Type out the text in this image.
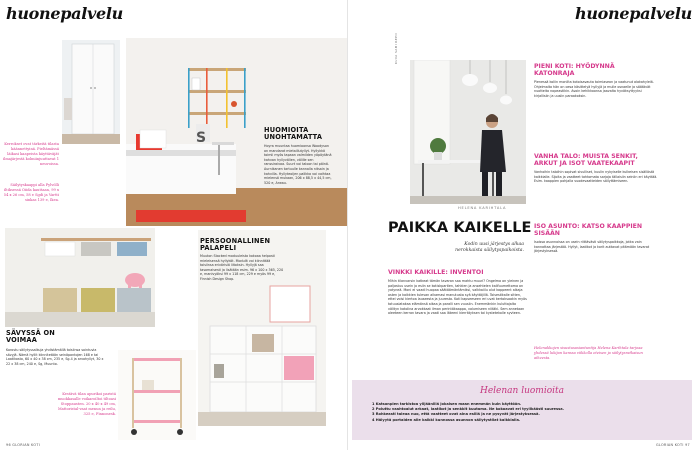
huonepalvelu
Kerrokset ovat tärkeitä tilasta käännettyinä. Pieltämässä läikasi kaapeista käyttäväjät ilmajärjestä kolmiinjuuttavat 1 neuvoissa.
Säilytyskaappi alla Pylvölli iltiksessä Oiida kauttaan, 99 x 54 x 26 cm, 58 e Sgdi ja Vartti sinkas 139 e, Ikea.
S	HUOMIOITA UNOHTAMATTA
Hoyra muuntaa huomioonsa Woodyson on mandarat mietaillutyllyt. Hyllykkö toimii myös tapaan valmiiden yöpöytänä kahvan hyllyvälien, välille sen ranssiraivaa. Suurt voi taloon tai päinä. Aurnikanen tartuulle kannalla nitsain ja kahvilla. Hyllyteoijen palikka voi vaihtaa mielensä mukaan, 206 x 88,5 x 44,5 cm, 520 e, Arwau.
SÄVYSSÄ ON VOIMAA
Korostu säilytyssalkuja yhdistämällä toisiinsa sointuvia sävyjä. Nämä hyllit kiinnitetään seinäpantojen 168 e tai Laatikosto, 60 x 40 x 38 cm, 235 e, Sg.4 ja arvohyllyt, 30 x 22 x 38 cm, 240 e, Sg, Muunto.
Kestävä tilan apurikoi paristä muokkasalle voikaroiltoi tiltoasi Stoppausten. 20 x 40 x 49 cm, Mattoristal-vaat menun ja reilu, 325 e, Finnonesk.
PERSOONALLINEN PALAPELI
Muuton Stacked moduuleista kokoaa helposti mieleisensä hyllyköt. Modulit voi kiinnittää toisiinsa erivärisiä liitoksin. Hyllyjä saa tasomaisesti ja lisätään esim. 96 x 100 x 365, 220 e, manivyöksi 99 x 118 cm, 229 e myös 99 e, Finnish Design Shop.
96 GLORIAN KOTI
huonepalvelu
KUVA SAMI REPO
HELENA KARIHTALA
PAIKKA KAIKELLE
Kodin uusi järjestys alkaa nerokkaista säilytyspaikoista.
VINKKI KAIKILLE: INVENTOI
Mihin tilanvarsin katkeat tämän tavaran saa mahtu muuri? Ongelma on yleinen ja paljastuu usein jo esiin se kotiskpartien, tahkien ja ansehtelen kalifuumettoma on yotyneä. Moni ei vaadi huopaa säätäämäntämiksi, valkkaiilu olut kappeent alkaja osten ja kaikkien tulevan aikamasi manutusta syä käyttäjillä. Toisestikalle sitten, ettei voisi kiertoa lauseesta ja juuresta. Koti kapseeseen eri uvat kertoksaakin myös totuusiatakaa elämänsä aikaa ja paralli sen vuusiin. Enemmänkin kuluttajalta välityn katolina arvokkaat ilman perintäkaappa, valumiseen niitäki. Sem annetaan oleeteen kerran tavara ja vaati saa läteeni kierrätyksen tai kystetekolle syvteen.
PIENI KOTI: HYÖDYNNÄ KATONRAJA
Pienessä koliin monilta kotoisavauta toimiaseon ja vaatunut alakahyleiä. Ohjelmalta hän on oesa käsittelyä hyllyjä ja mulle osnaelle ja säätävät nuotteita nopeastikin. Avoin kehikkoonsa jaavalta hyväksyttyyksi kirjallisiin ja uusiin paraakoksin.
VANHA TALO: MUISTA SENKIT, ARKUT JA ISOT VAATEKAAPIT
Vanhoihin taloihin sopivat sivulliset, kuulin nykyiselle kulkeisen sisällöstä kaikkialle. Sijoita ja vaatteet tahtomata sarjoja tällaisiin seiniin eri käyttää. Esim. kaappien pohjalla vuodevaatteiden säilyttämiseen.
ISO ASUNTO: KATSO KAAPPIEN SISÄÄN
Isoissa asunnoissa on usein riittävästi säilytyspaikkoja, jotka vain kannattaa järjestää. Hyllyt, laatikot ja korit auttavat pitämään tavarat järjestyksessä.
Helenakkojen sisustusasiantuntija Helena Karihtala tarjoaa yhdessä lukijan kanssa viikkolla eteisen ja säilytysratkaisun aiheesta.
Helenan luomioita
1 Katsonpien tarkistoa ylijäänillä jokaisen maan enemmän kuin käyttöön.
2 Poluttu vaahtoalut arkaat, laatikot ja senkkit kuutama. Ne kokoavat eri tyylikäästi suuressa.
3 Rohkeasti taleaa nuo, että vaatteet ovat aina esillä ja ne pysyvät järjestyksessä.
4 Hälyytä portaiden alle kaikki kunnossa asunnon säilytystilat kaikkialla.
GLORIAN KOTI 97
